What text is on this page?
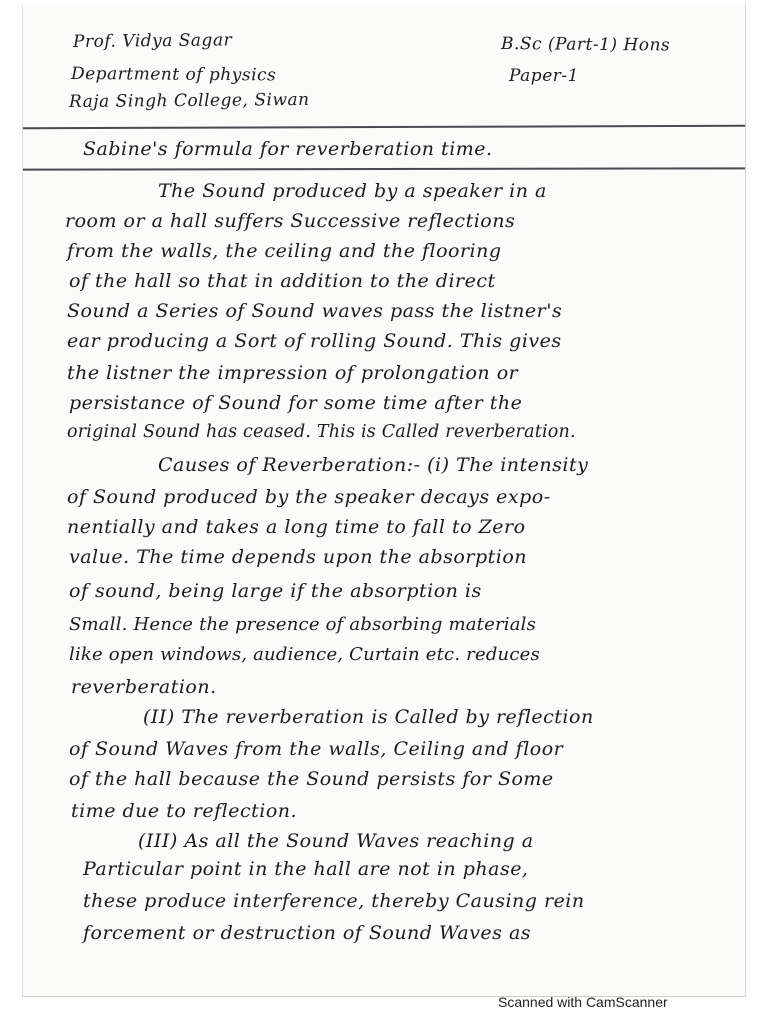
Prof. Vidya Sagar
Department of physics
Raja Singh College, Siwan
B.Sc (Part-1) Hons
Paper-1
Sabine's formula for reverberation time.
The Sound produced by a speaker in a
room or a hall suffers Successive reflections
from the walls, the ceiling and the flooring
of the hall so that in addition to the direct
Sound a Series of Sound waves pass the listner's
ear producing a Sort of rolling Sound. This gives
the listner the impression of prolongation or
persistance of Sound for some time after the
original Sound has ceased. This is Called reverberation.
Causes of Reverberation:- (i) The intensity
of Sound produced by the speaker decays expo-
nentially and takes a long time to fall to Zero
value. The time depends upon the absorption
of sound, being large if the absorption is
Small. Hence the presence of absorbing materials
like open windows, audience, Curtain etc. reduces
reverberation.
(II) The reverberation is Called by reflection
of Sound Waves from the walls, Ceiling and floor
of the hall because the Sound persists for Some
time due to reflection.
(III) As all the Sound Waves reaching a
Particular point in the hall are not in phase,
these produce interference, thereby Causing rein
forcement or destruction of Sound Waves as
Scanned with CamScanner
